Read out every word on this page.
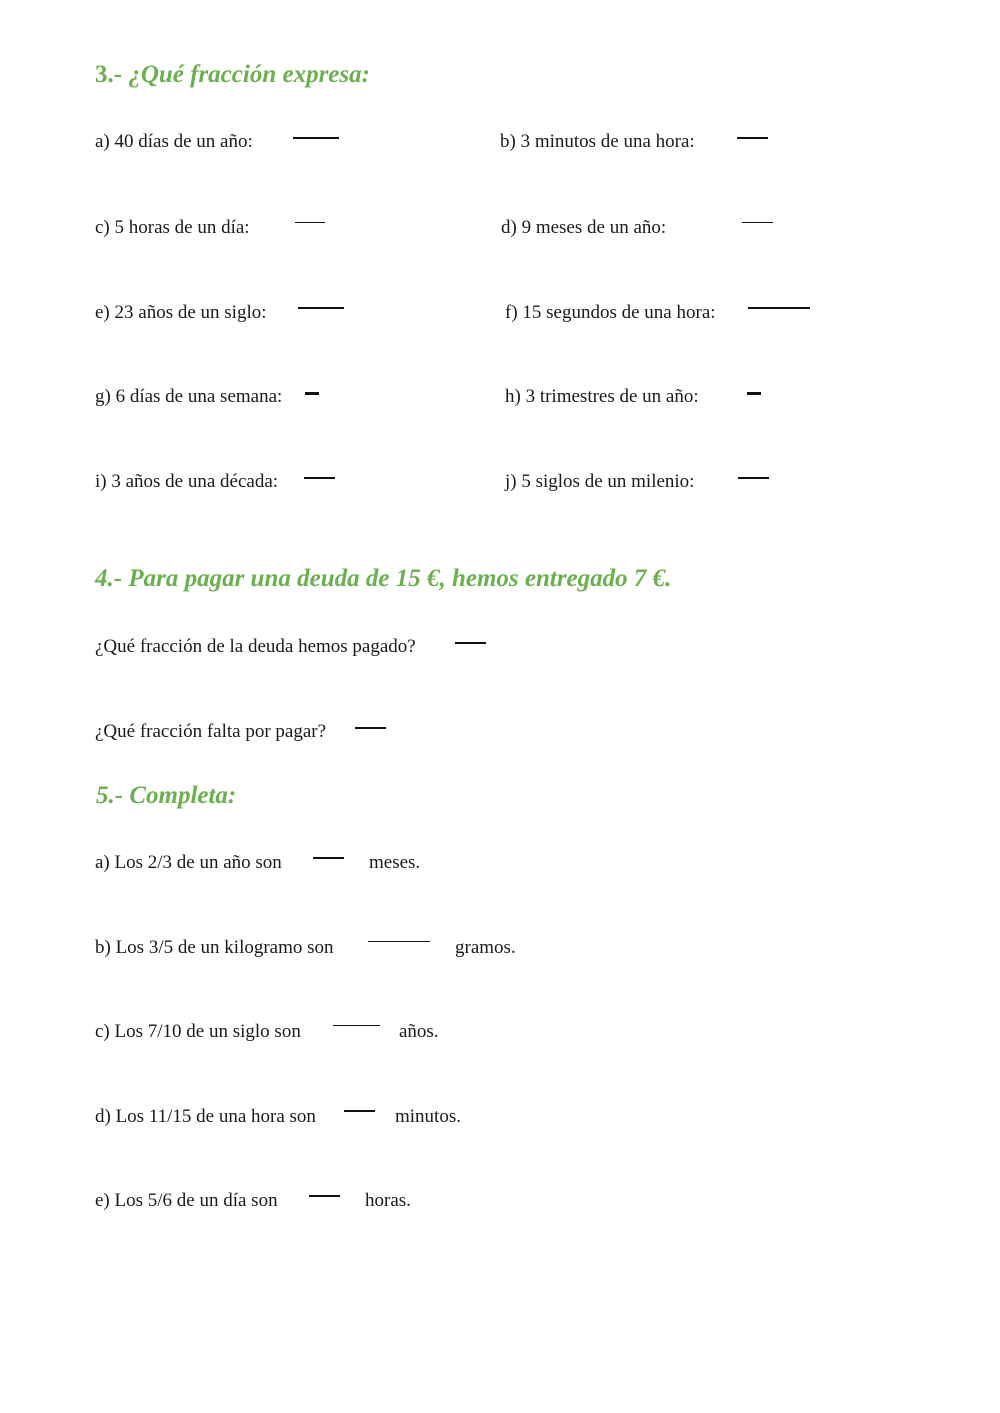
3.- ¿Qué fracción expresa:
a) 40 días de un año:	b) 3 minutos de una hora:
c) 5 horas de un día:	d) 9 meses de un año:
e) 23 años de un siglo:	f) 15 segundos de una hora:
g) 6 días de una semana:	h) 3 trimestres de un año:
i) 3 años de una década:	j) 5 siglos de un milenio:
4.- Para pagar una deuda de 15 €, hemos entregado 7 €.
¿Qué fracción de la deuda hemos pagado?
¿Qué fracción falta por pagar?
5.- Completa:
a) Los 2/3 de un año son	meses.
b) Los 3/5 de un kilogramo son	gramos.
c) Los 7/10 de un siglo son	años.
d) Los 11/15 de una hora son	minutos.
e) Los 5/6 de un día son	horas.
